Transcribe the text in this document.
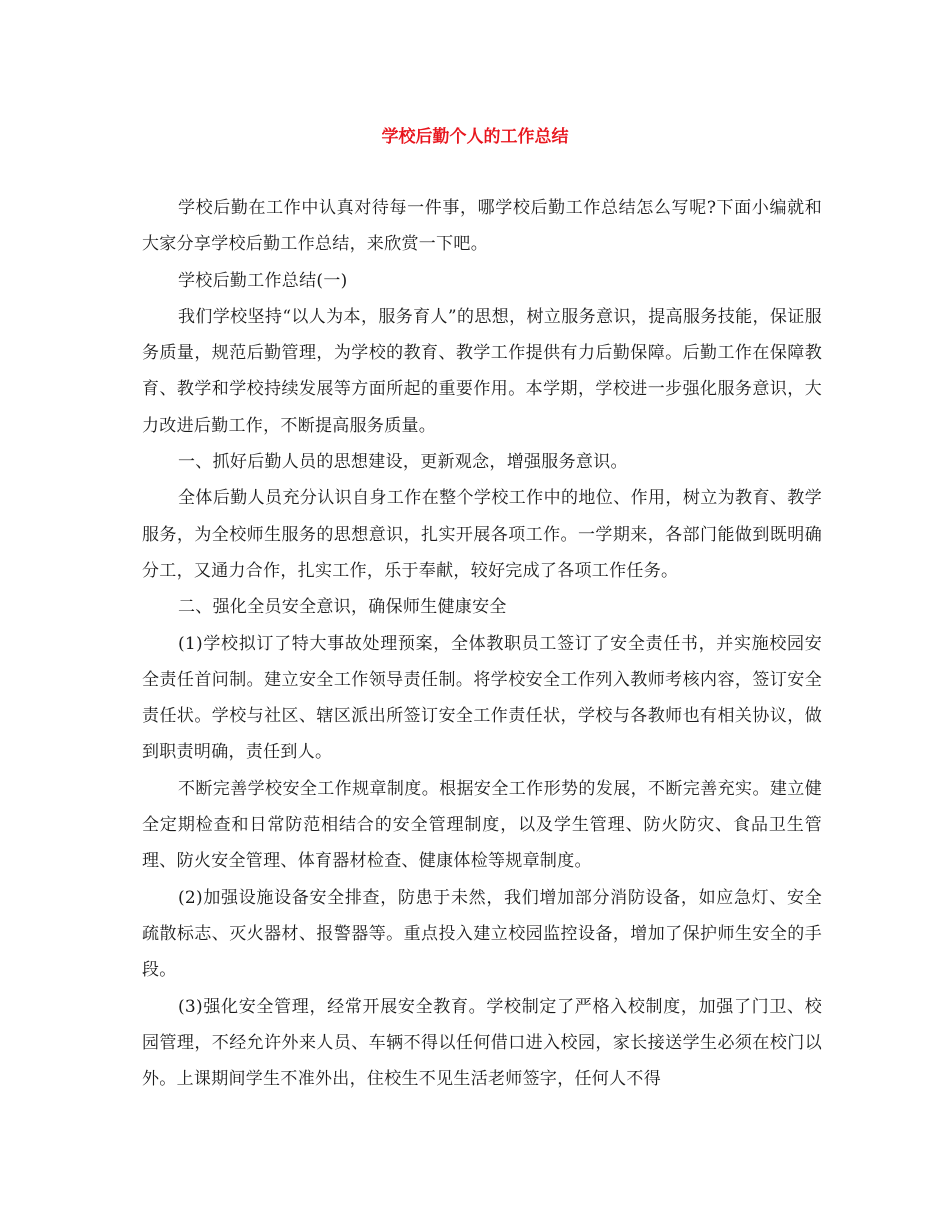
学校后勤个人的工作总结

学校后勤在工作中认真对待每一件事，哪学校后勤工作总结怎么写呢?下面小编就和大家分享学校后勤工作总结，来欣赏一下吧。

学校后勤工作总结(一)

我们学校坚持“以人为本，服务育人”的思想，树立服务意识，提高服务技能，保证服务质量，规范后勤管理，为学校的教育、教学工作提供有力后勤保障。后勤工作在保障教育、教学和学校持续发展等方面所起的重要作用。本学期，学校进一步强化服务意识，大力改进后勤工作，不断提高服务质量。

一、抓好后勤人员的思想建设，更新观念，增强服务意识。

全体后勤人员充分认识自身工作在整个学校工作中的地位、作用，树立为教育、教学服务，为全校师生服务的思想意识，扎实开展各项工作。一学期来，各部门能做到既明确分工，又通力合作，扎实工作，乐于奉献，较好完成了各项工作任务。

二、强化全员安全意识，确保师生健康安全

(1)学校拟订了特大事故处理预案，全体教职员工签订了安全责任书，并实施校园安全责任首问制。建立安全工作领导责任制。将学校安全工作列入教师考核内容，签订安全责任状。学校与社区、辖区派出所签订安全工作责任状，学校与各教师也有相关协议，做到职责明确，责任到人。

不断完善学校安全工作规章制度。根据安全工作形势的发展，不断完善充实。建立健全定期检查和日常防范相结合的安全管理制度，以及学生管理、防火防灾、食品卫生管理、防火安全管理、体育器材检查、健康体检等规章制度。

(2)加强设施设备安全排查，防患于未然，我们增加部分消防设备，如应急灯、安全疏散标志、灭火器材、报警器等。重点投入建立校园监控设备，增加了保护师生安全的手段。

(3)强化安全管理，经常开展安全教育。学校制定了严格入校制度，加强了门卫、校园管理，不经允许外来人员、车辆不得以任何借口进入校园，家长接送学生必须在校门以外。上课期间学生不准外出，住校生不见生活老师签字，任何人不得
